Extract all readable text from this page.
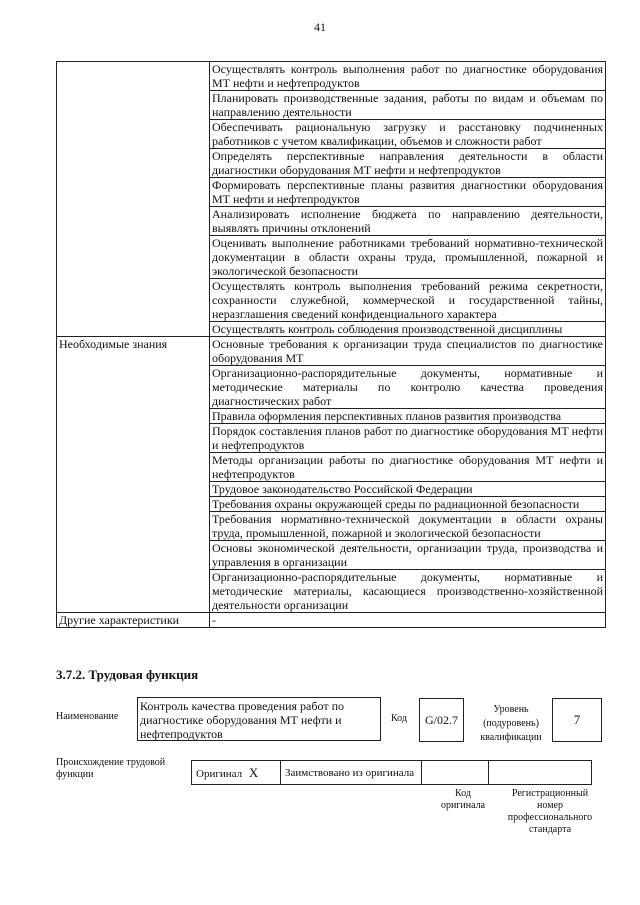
41
	Осуществлять контроль выполнения работ по диагностике оборудования МТ нефти и нефтепродуктов
	Планировать производственные задания, работы по видам и объемам по направлению деятельности
	Обеспечивать рациональную загрузку и расстановку подчиненных работников с учетом квалификации, объемов и сложности работ
	Определять перспективные направления деятельности в области диагностики оборудования МТ нефти и нефтепродуктов
	Формировать перспективные планы развития диагностики оборудования МТ нефти и нефтепродуктов
	Анализировать исполнение бюджета по направлению деятельности, выявлять причины отклонений
	Оценивать выполнение работниками требований нормативно-технической документации в области охраны труда, промышленной, пожарной и экологической безопасности
	Осуществлять контроль выполнения требований режима секретности, сохранности служебной, коммерческой и государственной тайны, неразглашения сведений конфиденциального характера
	Осуществлять контроль соблюдения производственной дисциплины
Необходимые знания	Основные требования к организации труда специалистов по диагностике оборудования МТ
	Организационно-распорядительные документы, нормативные и методические материалы по контролю качества проведения диагностических работ
	Правила оформления перспективных планов развития производства
	Порядок составления планов работ по диагностике оборудования МТ нефти и нефтепродуктов
	Методы организации работы по диагностике оборудования МТ нефти и нефтепродуктов
	Трудовое законодательство Российской Федерации
	Требования охраны окружающей среды по радиационной безопасности
	Требования нормативно-технической документации в области охраны труда, промышленной, пожарной и экологической безопасности
	Основы экономической деятельности, организации труда, производства и управления в организации
	Организационно-распорядительные документы, нормативные и методические материалы, касающиеся производственно-хозяйственной деятельности организации
Другие характеристики	-
3.7.2. Трудовая функция
Наименование
Контроль качества проведения работ по диагностике оборудования МТ нефти и нефтепродуктов
Код	G/02.7
Уровень (подуровень) квалификации
7
Происхождение трудовой функции	Оригинал X	Заимствовано из оригинала		
Код оригинала
Регистрационный номер профессионального стандарта
